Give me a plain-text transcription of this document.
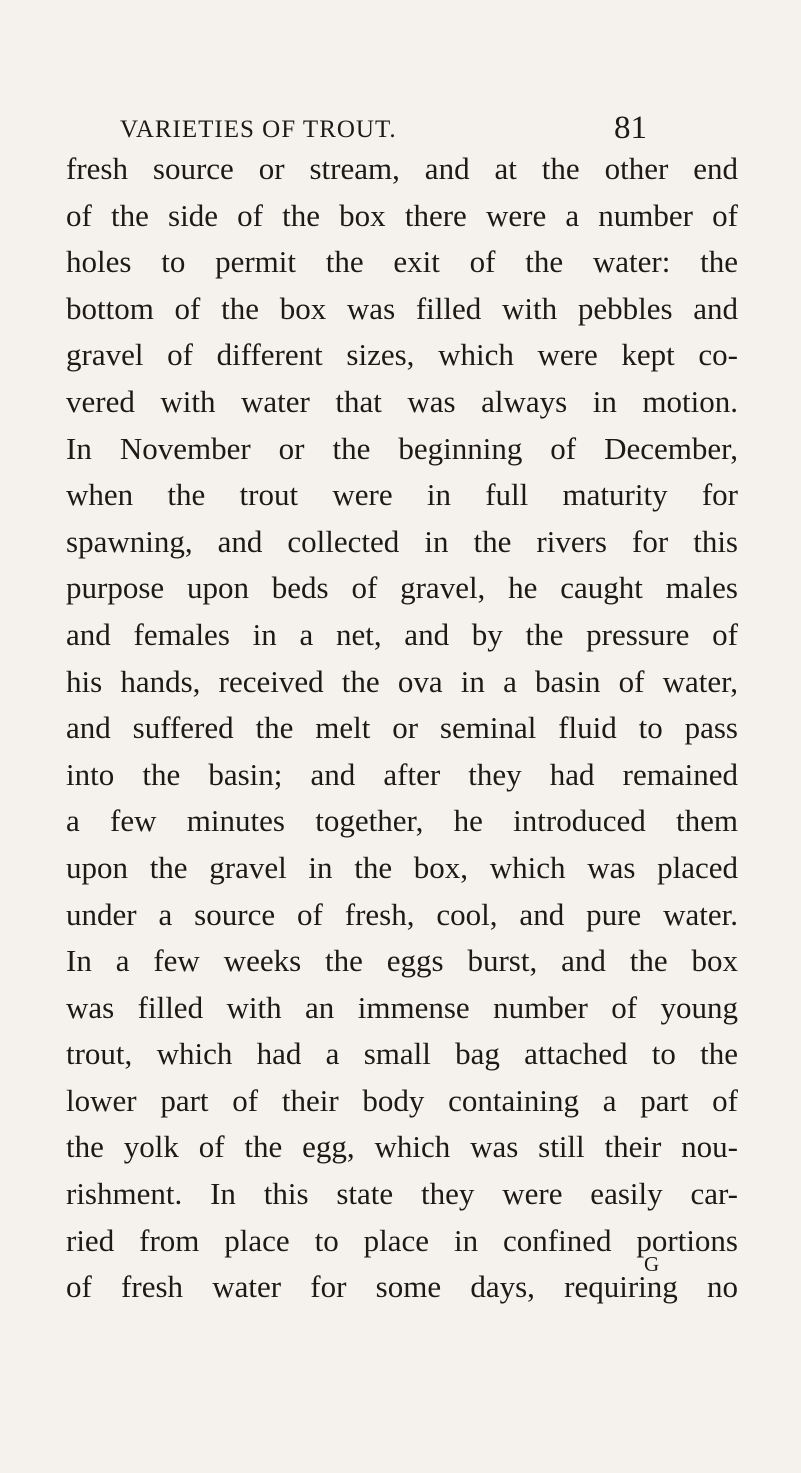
VARIETIES OF TROUT.	81
fresh source or stream, and at the other end
of the side of the box there were a number of
holes to permit the exit of the water: the
bottom of the box was filled with pebbles and
gravel of different sizes, which were kept co-
vered with water that was always in motion.
In November or the beginning of December,
when the trout were in full maturity for
spawning, and collected in the rivers for this
purpose upon beds of gravel, he caught males
and females in a net, and by the pressure of
his hands, received the ova in a basin of water,
and suffered the melt or seminal fluid to pass
into the basin; and after they had remained
a few minutes together, he introduced them
upon the gravel in the box, which was placed
under a source of fresh, cool, and pure water.
In a few weeks the eggs burst, and the box
was filled with an immense number of young
trout, which had a small bag attached to the
lower part of their body containing a part of
the yolk of the egg, which was still their nou-
rishment. In this state they were easily car-
ried from place to place in confined portions
of fresh water for some days, requiring no
G
